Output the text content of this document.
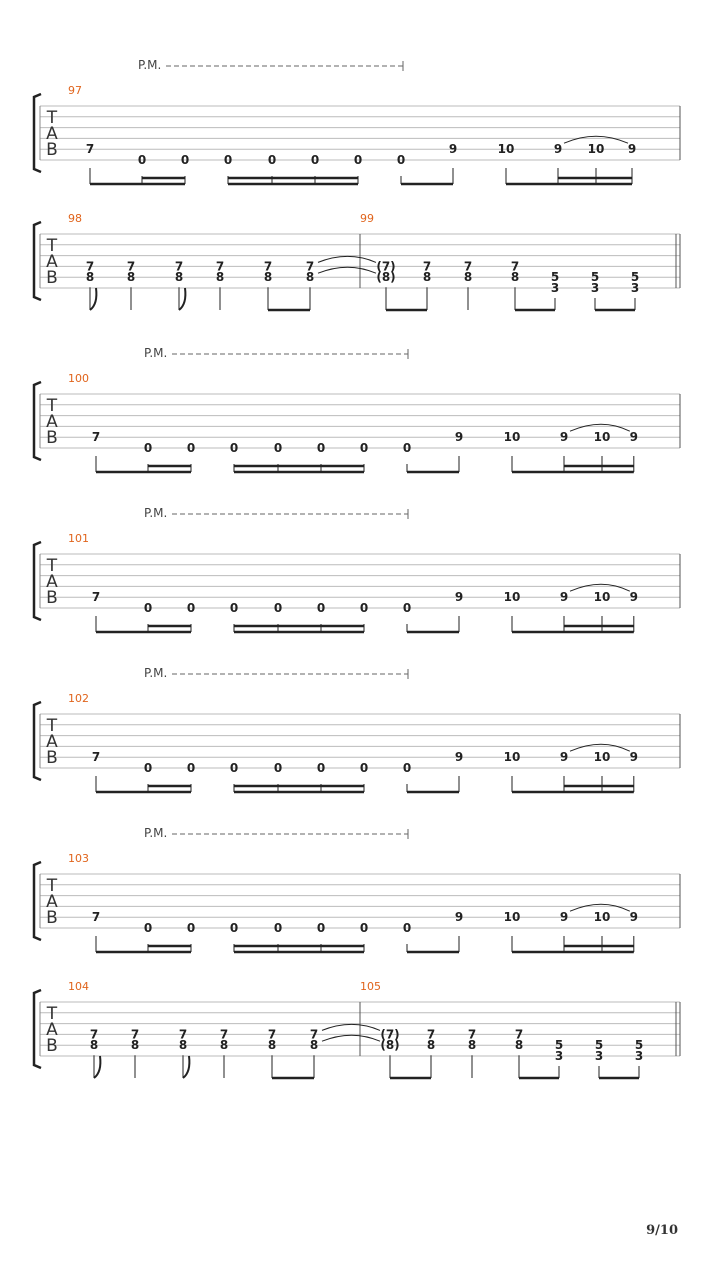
T
A
B
97
P.M.
7
0	0	0	0	0	0	0
9	10	9 10 9
T
A
B
98	99
7
8
7
8
7
8
7
8
7
8
7
8
(7)
(8)
7
8
7
8
7
8	5
3
5
3
5
3
T
A
B
100
P.M.
7
0	0	0	0	0	0	0
9	10	9 10 9
T
A
B
101
P.M.
7
0	0	0	0	0	0	0
9	10	9 10 9
T
A
B
102
P.M.
7
0	0	0	0	0	0	0
9	10	9 10 9
T
A
B
103
P.M.
7
0	0	0	0	0	0	0
9	10	9 10 9
T
A
B
104	105
7
8
7
8
7
8
7
8
7
8
7
8
(7)
(8)
7
8
7
8
7
8	5
3
5
3
5
3
9/10
